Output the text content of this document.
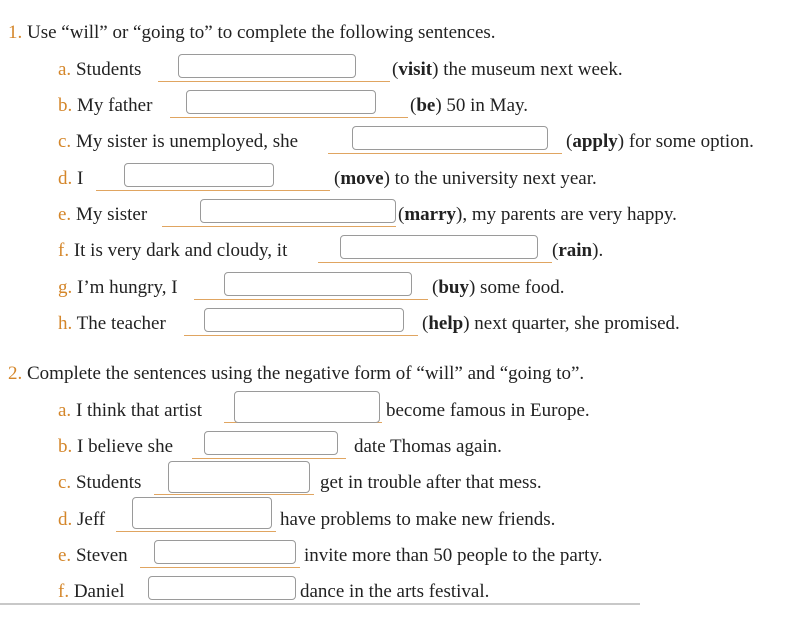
1. Use “will” or “going to” to complete the following sentences.
a. Students	(visit) the museum next week.
b. My father	(be) 50 in May.
c. My sister is unemployed, she	(apply) for some option.
d. I	(move) to the university next year.
e. My sister	(marry), my parents are very happy.
f. It is very dark and cloudy, it	(rain).
g. I’m hungry, I	(buy) some food.
h. The teacher	(help) next quarter, she promised.
2. Complete the sentences using the negative form of “will” and “going to”.
a. I think that artist	become famous in Europe.
b. I believe she	date Thomas again.
c. Students	get in trouble after that mess.
d. Jeff	have problems to make new friends.
e. Steven	invite more than 50 people to the party.
f. Daniel	dance in the arts festival.
